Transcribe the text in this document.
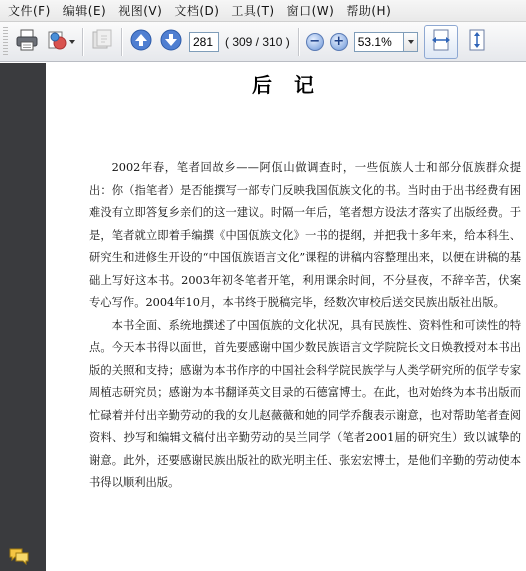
文件(F)	编辑(E)	视图(V)	文档(D)	工具(T)	窗口(W)	帮助(H)
281
( 309 / 310 ) − +
53.1%
后记

2002年春，笔者回故乡——阿佤山做调查时，一些佤族人士和部分佤族群众提出：你（指笔者）是否能撰写一部专门反映我国佤族文化的书。当时由于出书经费有困难没有立即答复乡亲们的这一建议。时隔一年后，笔者想方设法才落实了出版经费。于是，笔者就立即着手编撰《中国佤族文化》一书的提纲，并把我十多年来，给本科生、研究生和进修生开设的“中国佤族语言文化”课程的讲稿内容整理出来，以便在讲稿的基础上写好这本书。2003年初冬笔者开笔，利用课余时间，不分昼夜，不辞辛苦，伏案专心写作。2004年10月，本书终于脱稿完毕，经数次审校后送交民族出版社出版。

本书全面、系统地撰述了中国佤族的文化状况，具有民族性、资料性和可读性的特点。今天本书得以面世，首先要感谢中国少数民族语言文学院院长文日焕教授对本书出版的关照和支持；感谢为本书作序的中国社会科学院民族学与人类学研究所的佤学专家周植志研究员；感谢为本书翻译英文目录的石德富博士。在此，也对始终为本书出版而忙碌着并付出辛勤劳动的我的女儿赵薇薇和她的同学乔馥表示谢意，也对帮助笔者查阅资料、抄写和编辑文稿付出辛勤劳动的吴兰同学（笔者2001届的研究生）致以诚挚的谢意。此外，还要感谢民族出版社的欧光明主任、张宏宏博士，是他们辛勤的劳动使本书得以顺利出版。
